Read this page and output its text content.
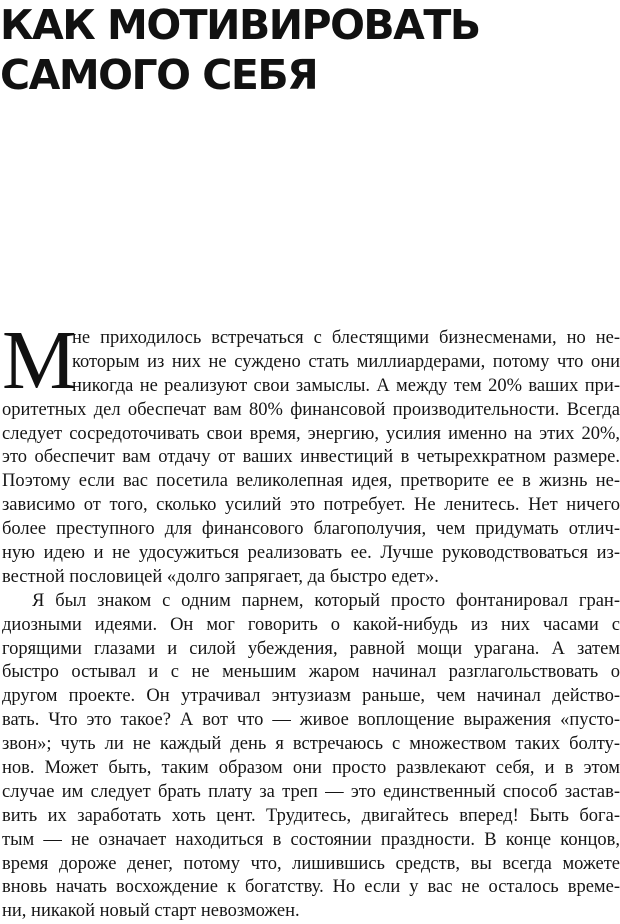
КАК МОТИВИРОВАТЬ
САМОГО СЕБЯ
М
не приходилось встречаться с блестящими бизнесменами, но не-
которым из них не суждено стать миллиардерами, потому что они
никогда не реализуют свои замыслы. А между тем 20% ваших при-
оритетных дел обеспечат вам 80% финансовой производительности. Всегда
следует сосредоточивать свои время, энергию, усилия именно на этих 20%,
это обеспечит вам отдачу от ваших инвестиций в четырехкратном размере.
Поэтому если вас посетила великолепная идея, претворите ее в жизнь не-
зависимо от того, сколько усилий это потребует. Не ленитесь. Нет ничего
более преступного для финансового благополучия, чем придумать отлич-
ную идею и не удосужиться реализовать ее. Лучше руководствоваться из-
вестной пословицей «долго запрягает, да быстро едет».
Я был знаком с одним парнем, который просто фонтанировал гран-
диозными идеями. Он мог говорить о какой-нибудь из них часами с
горящими глазами и силой убеждения, равной мощи урагана. А затем
быстро остывал и с не меньшим жаром начинал разглагольствовать о
другом проекте. Он утрачивал энтузиазм раньше, чем начинал действо-
вать. Что это такое? А вот что — живое воплощение выражения «пусто-
звон»; чуть ли не каждый день я встречаюсь с множеством таких болту-
нов. Может быть, таким образом они просто развлекают себя, и в этом
случае им следует брать плату за треп — это единственный способ застав-
вить их заработать хоть цент. Трудитесь, двигайтесь вперед! Быть бога-
тым — не означает находиться в состоянии праздности. В конце концов,
время дороже денег, потому что, лишившись средств, вы всегда можете
вновь начать восхождение к богатству. Но если у вас не осталось време-
ни, никакой новый старт невозможен.
